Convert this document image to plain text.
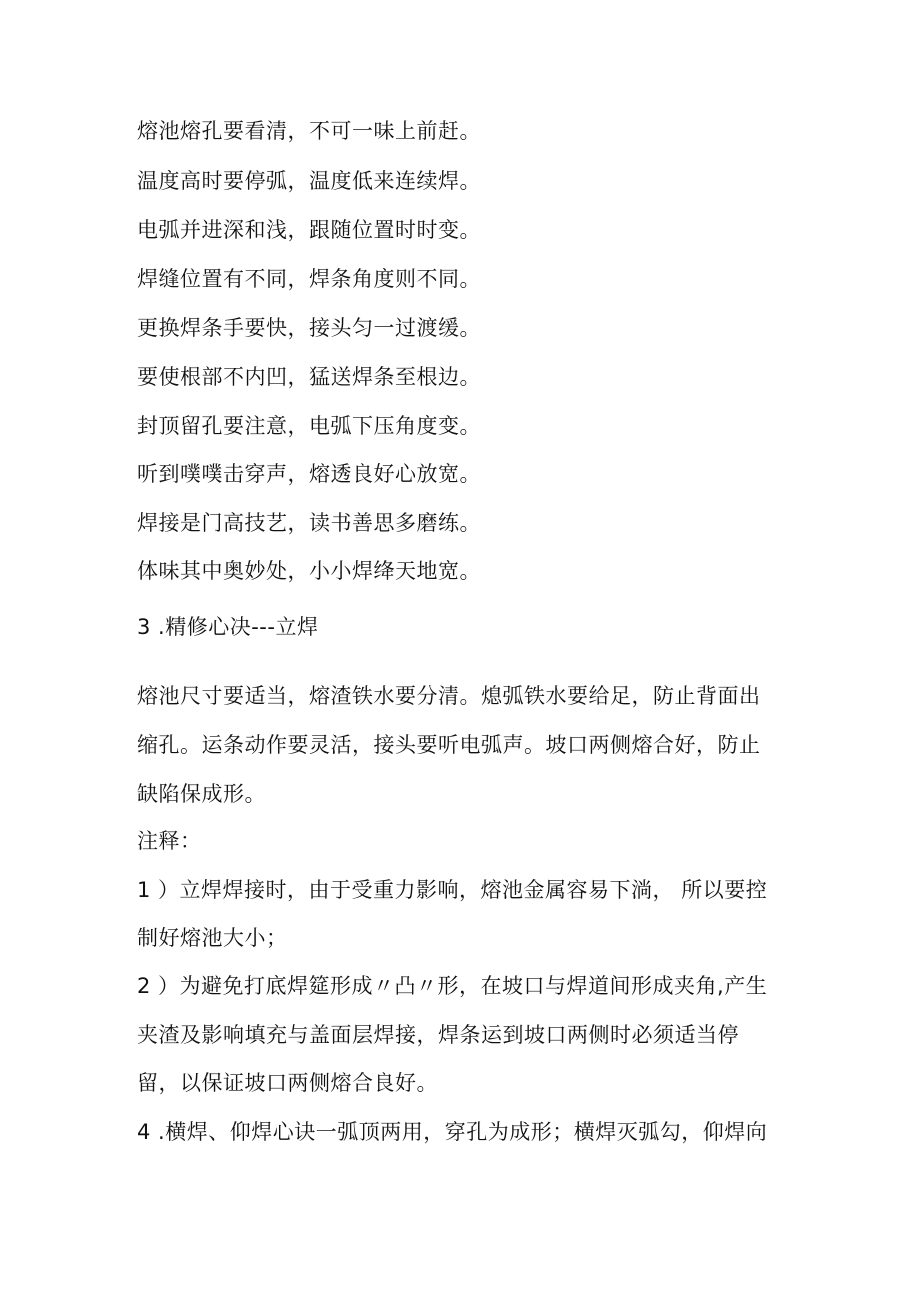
熔池熔孔要看清，不可一味上前赶。
温度高时要停弧，温度低来连续焊。
电弧并进深和浅，跟随位置时时变。
焊缝位置有不同，焊条角度则不同。
更换焊条手要快，接头匀一过渡缓。
要使根部不内凹，猛送焊条至根边。
封顶留孔要注意，电弧下压角度变。
听到噗噗击穿声，熔透良好心放宽。
焊接是门高技艺，读书善思多磨练。
体味其中奥妙处，小小焊绛天地宽。
3 .精修心决---立焊
熔池尺寸要适当，熔渣铁水要分清。熄弧铁水要给足，防止背面出
缩孔。运条动作要灵活，接头要听电弧声。坡口两侧熔合好，防止
缺陷保成形。
注释：
1 ）立焊焊接时，由于受重力影响，熔池金属容易下淌， 所以要控
制好熔池大小；
2 ）为避免打底焊筵形成〃凸〃形，在坡口与焊道间形成夹角,产生
夹渣及影响填充与盖面层焊接，焊条运到坡口两侧时必须适当停
留，以保证坡口两侧熔合良好。
4 .横焊、仰焊心诀一弧顶两用，穿孔为成形；横焊灭弧勾，仰焊向
